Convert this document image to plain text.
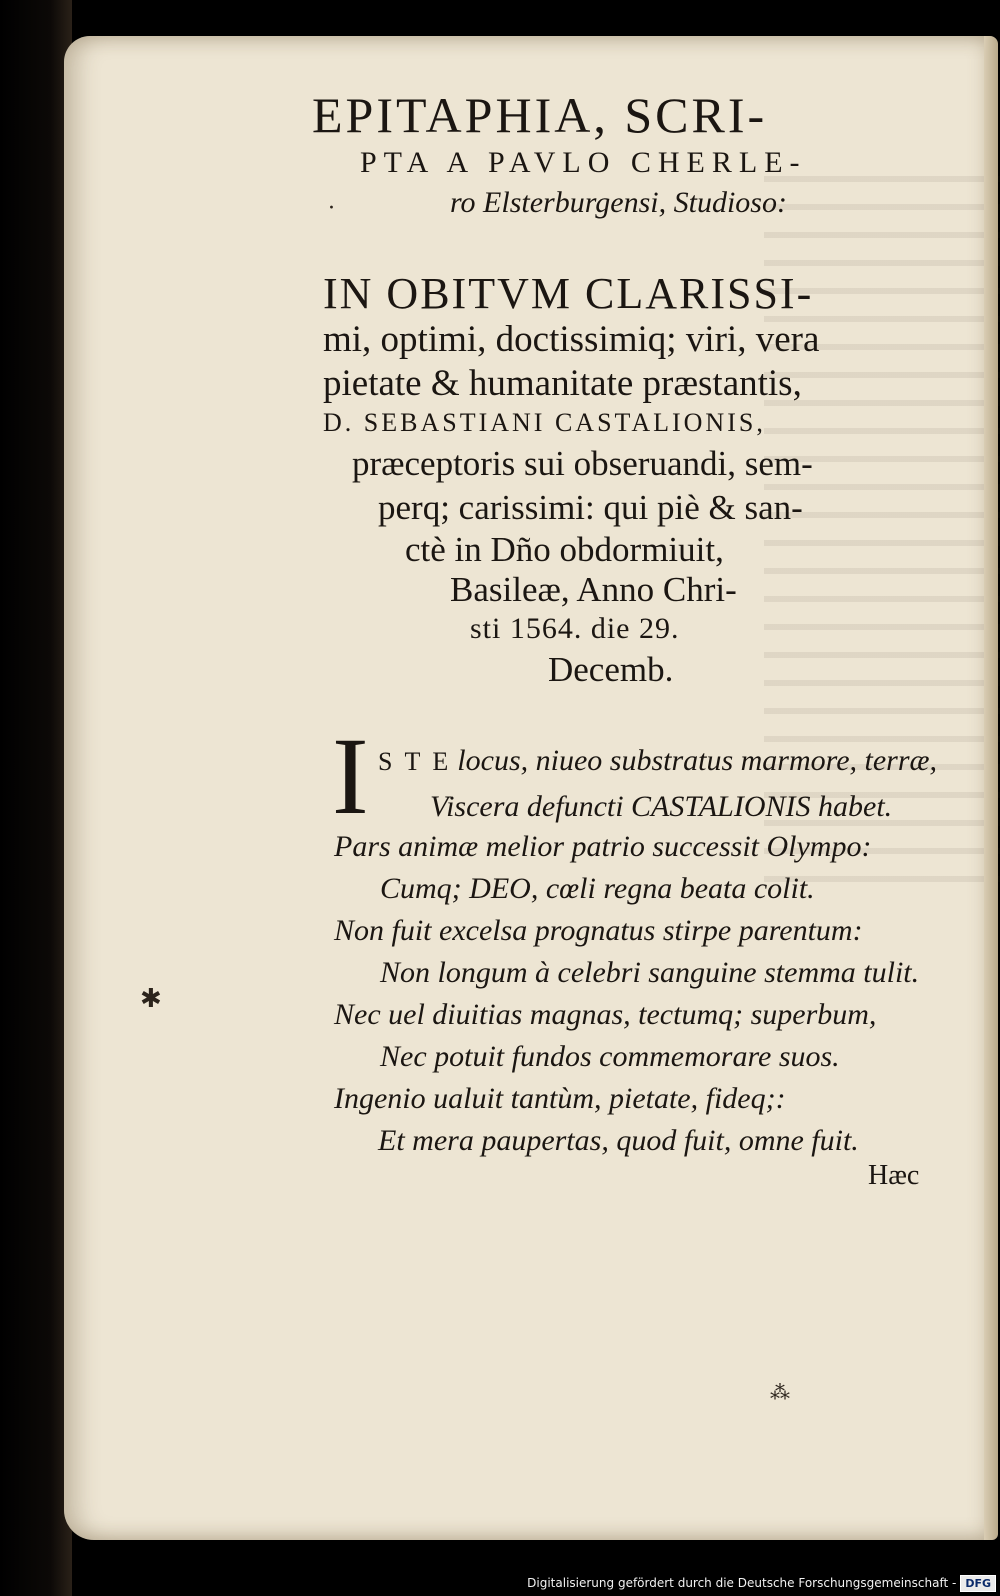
EPITAPHIA, SCRI-
PTA A PAVLO CHERLE-
ro Elsterburgensi, Studioso:
IN OBITVM CLARISSI-
mi, optimi, doctissimiq; viri, vera
pietate & humanitate præstantis,
D. SEBASTIANI CASTALIONIS,
præceptoris sui obseruandi, sem-
perq; carissimi: qui piè & san-
ctè in Dño obdormiuit,
Basileæ, Anno Chri-
sti 1564. die 29.
Decemb.
I S T E locus, niueo substratus marmore, terræ,
Viscera defuncti CASTALIONIS habet.
Pars animæ melior patrio successit Olympo:
Cumq; DEO, cœli regna beata colit.
Non fuit excelsa prognatus stirpe parentum:
Non longum à celebri sanguine stemma tulit.
Nec uel diuitias magnas, tectumq; superbum,
Nec potuit fundos commemorare suos.
Ingenio ualuit tantùm, pietate, fideq;:
Et mera paupertas, quod fuit, omne fuit.
Hæc
·
✱
⁂
Digitalisierung gefördert durch die Deutsche Forschungsgemeinschaft - DFG
